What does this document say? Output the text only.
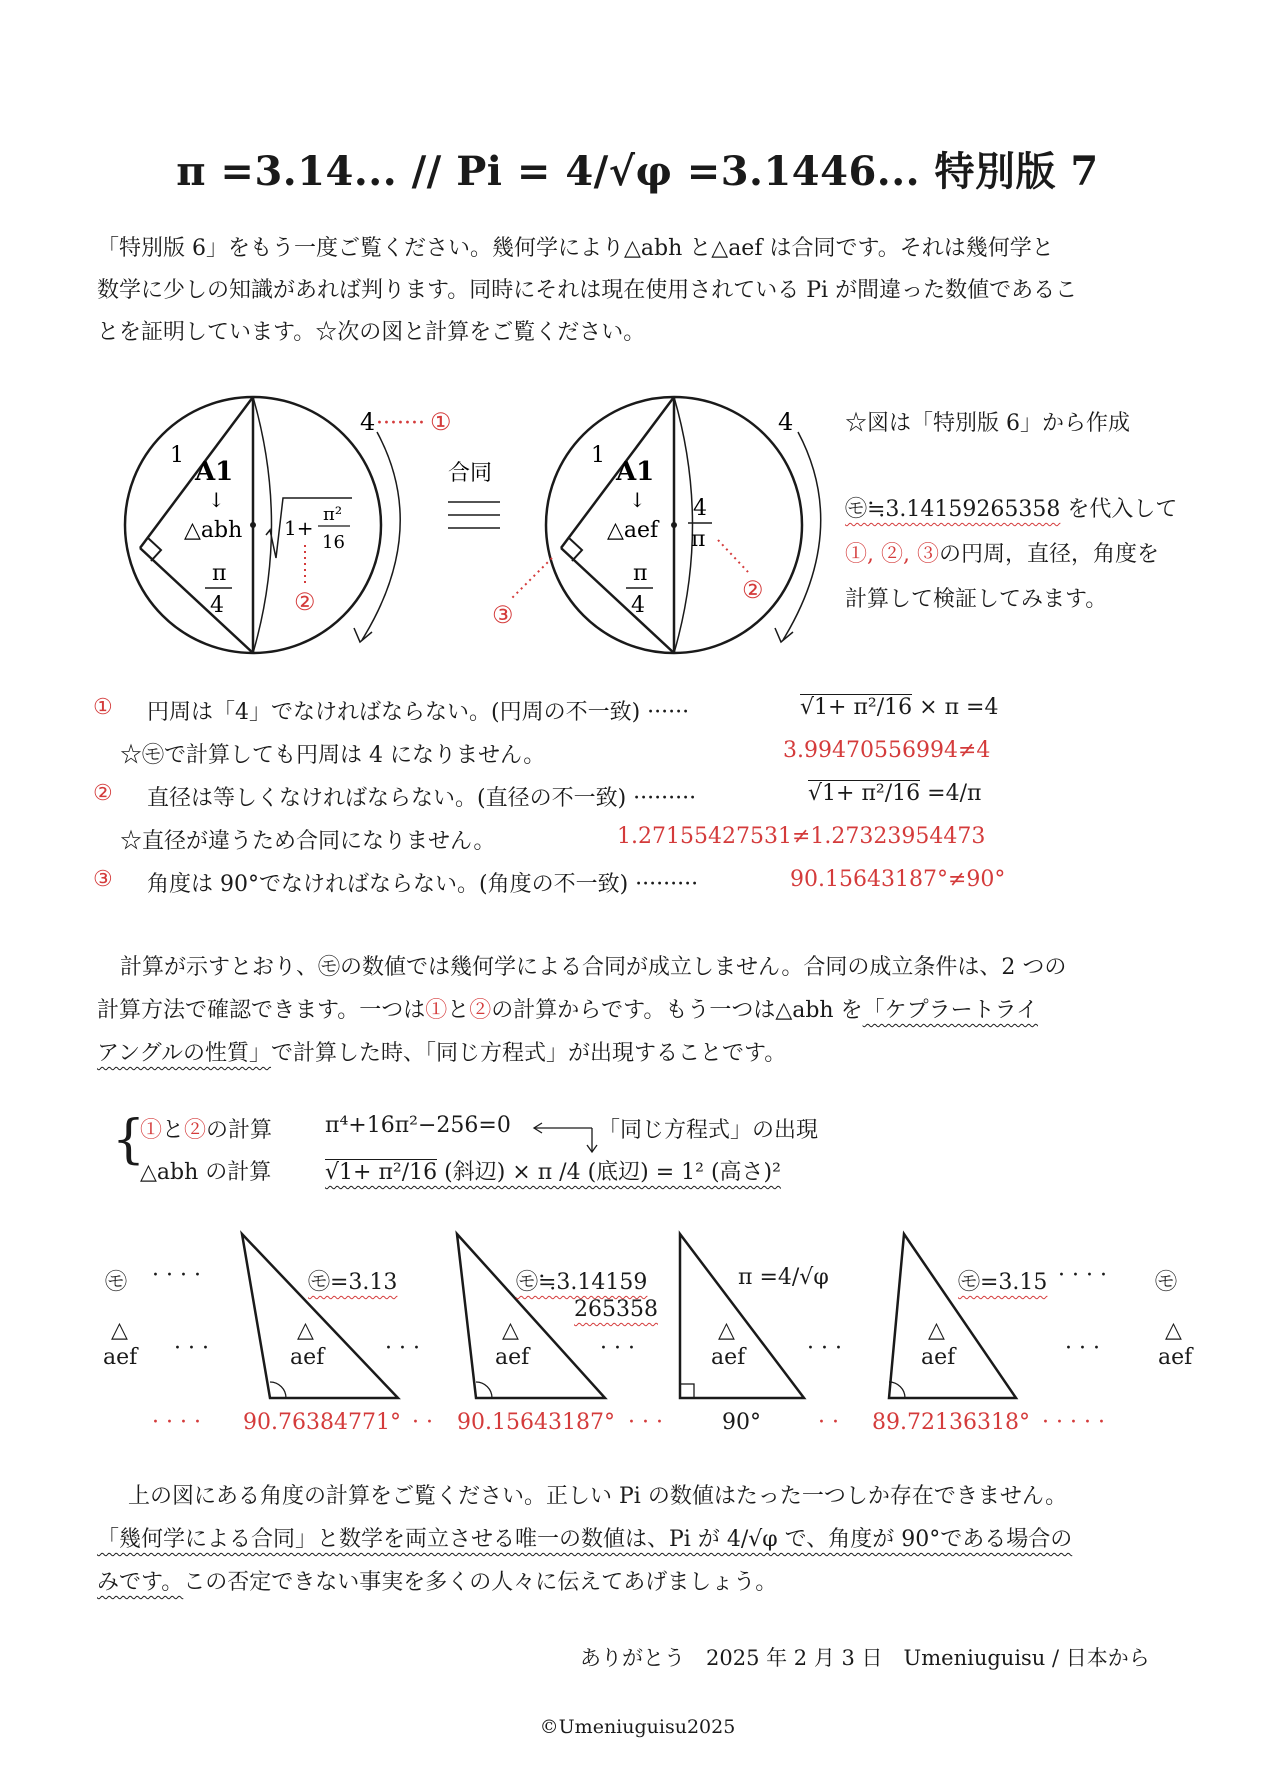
π =3.14... // Pi = 4/√φ =3.1446... 特別版 7
「特別版 6」をもう一度ご覧ください。幾何学により△abh と△aef は合同です。それは幾何学と
数学に少しの知識があれば判ります。同時にそれは現在使用されている Pi が間違った数値であるこ
とを証明しています。☆次の図と計算をご覧ください。
4 ······· ①
1
A1
↓
△abh
π
4
1+
π²
16
②
合同
4
1
A1
↓
△aef
π
4
4
π
②
③
☆図は「特別版 6」から作成
㋲≒3.14159265358 を代入して
①, ②, ③の円周，直径，角度を
計算して検証してみます。
① 円周は「4」でなければならない。(円周の不一致) ······	√1+ π²/16 × π =4
☆㋲で計算しても円周は 4 になりません。	3.99470556994≠4
② 直径は等しくなければならない。(直径の不一致) ·········	√1+ π²/16 =4/π
☆直径が違うため合同になりません。	1.27155427531≠1.27323954473
③ 角度は 90°でなければならない。(角度の不一致) ·········	90.15643187°≠90°
計算が示すとおり、㋲の数値では幾何学による合同が成立しません。合同の成立条件は、2 つの
計算方法で確認できます。一つは①と②の計算からです。もう一つは△abh を「ケプラートライ
アングルの性質」で計算した時、「同じ方程式」が出現することです。
{
①と②の計算 π⁴+16π²−256=0	「同じ方程式」の出現
△abh の計算 √1+ π²/16 (斜辺) × π /4 (底辺) = 1² (高さ)²
㋲ · · · ·	· · · · ㋲
㋲=3.13	㋲≒3.14159
265358
π =4/√φ	㋲=3.15
△
aef · · ·
△
aef	· · ·
△
aef	· · ·
△
aef	· · ·
△
aef	· · ·
△
aef
· · · · 90.76384771° · · 90.15643187° · · ·	90°	· · 89.72136318° · · · · ·
上の図にある角度の計算をご覧ください。正しい Pi の数値はたった一つしか存在できません。
「幾何学による合同」と数学を両立させる唯一の数値は、Pi が 4/√φ で、角度が 90°である場合の
みです。この否定できない事実を多くの人々に伝えてあげましょう。
ありがとう　2025 年 2 月 3 日　Umeniuguisu / 日本から
©Umeniuguisu2025
